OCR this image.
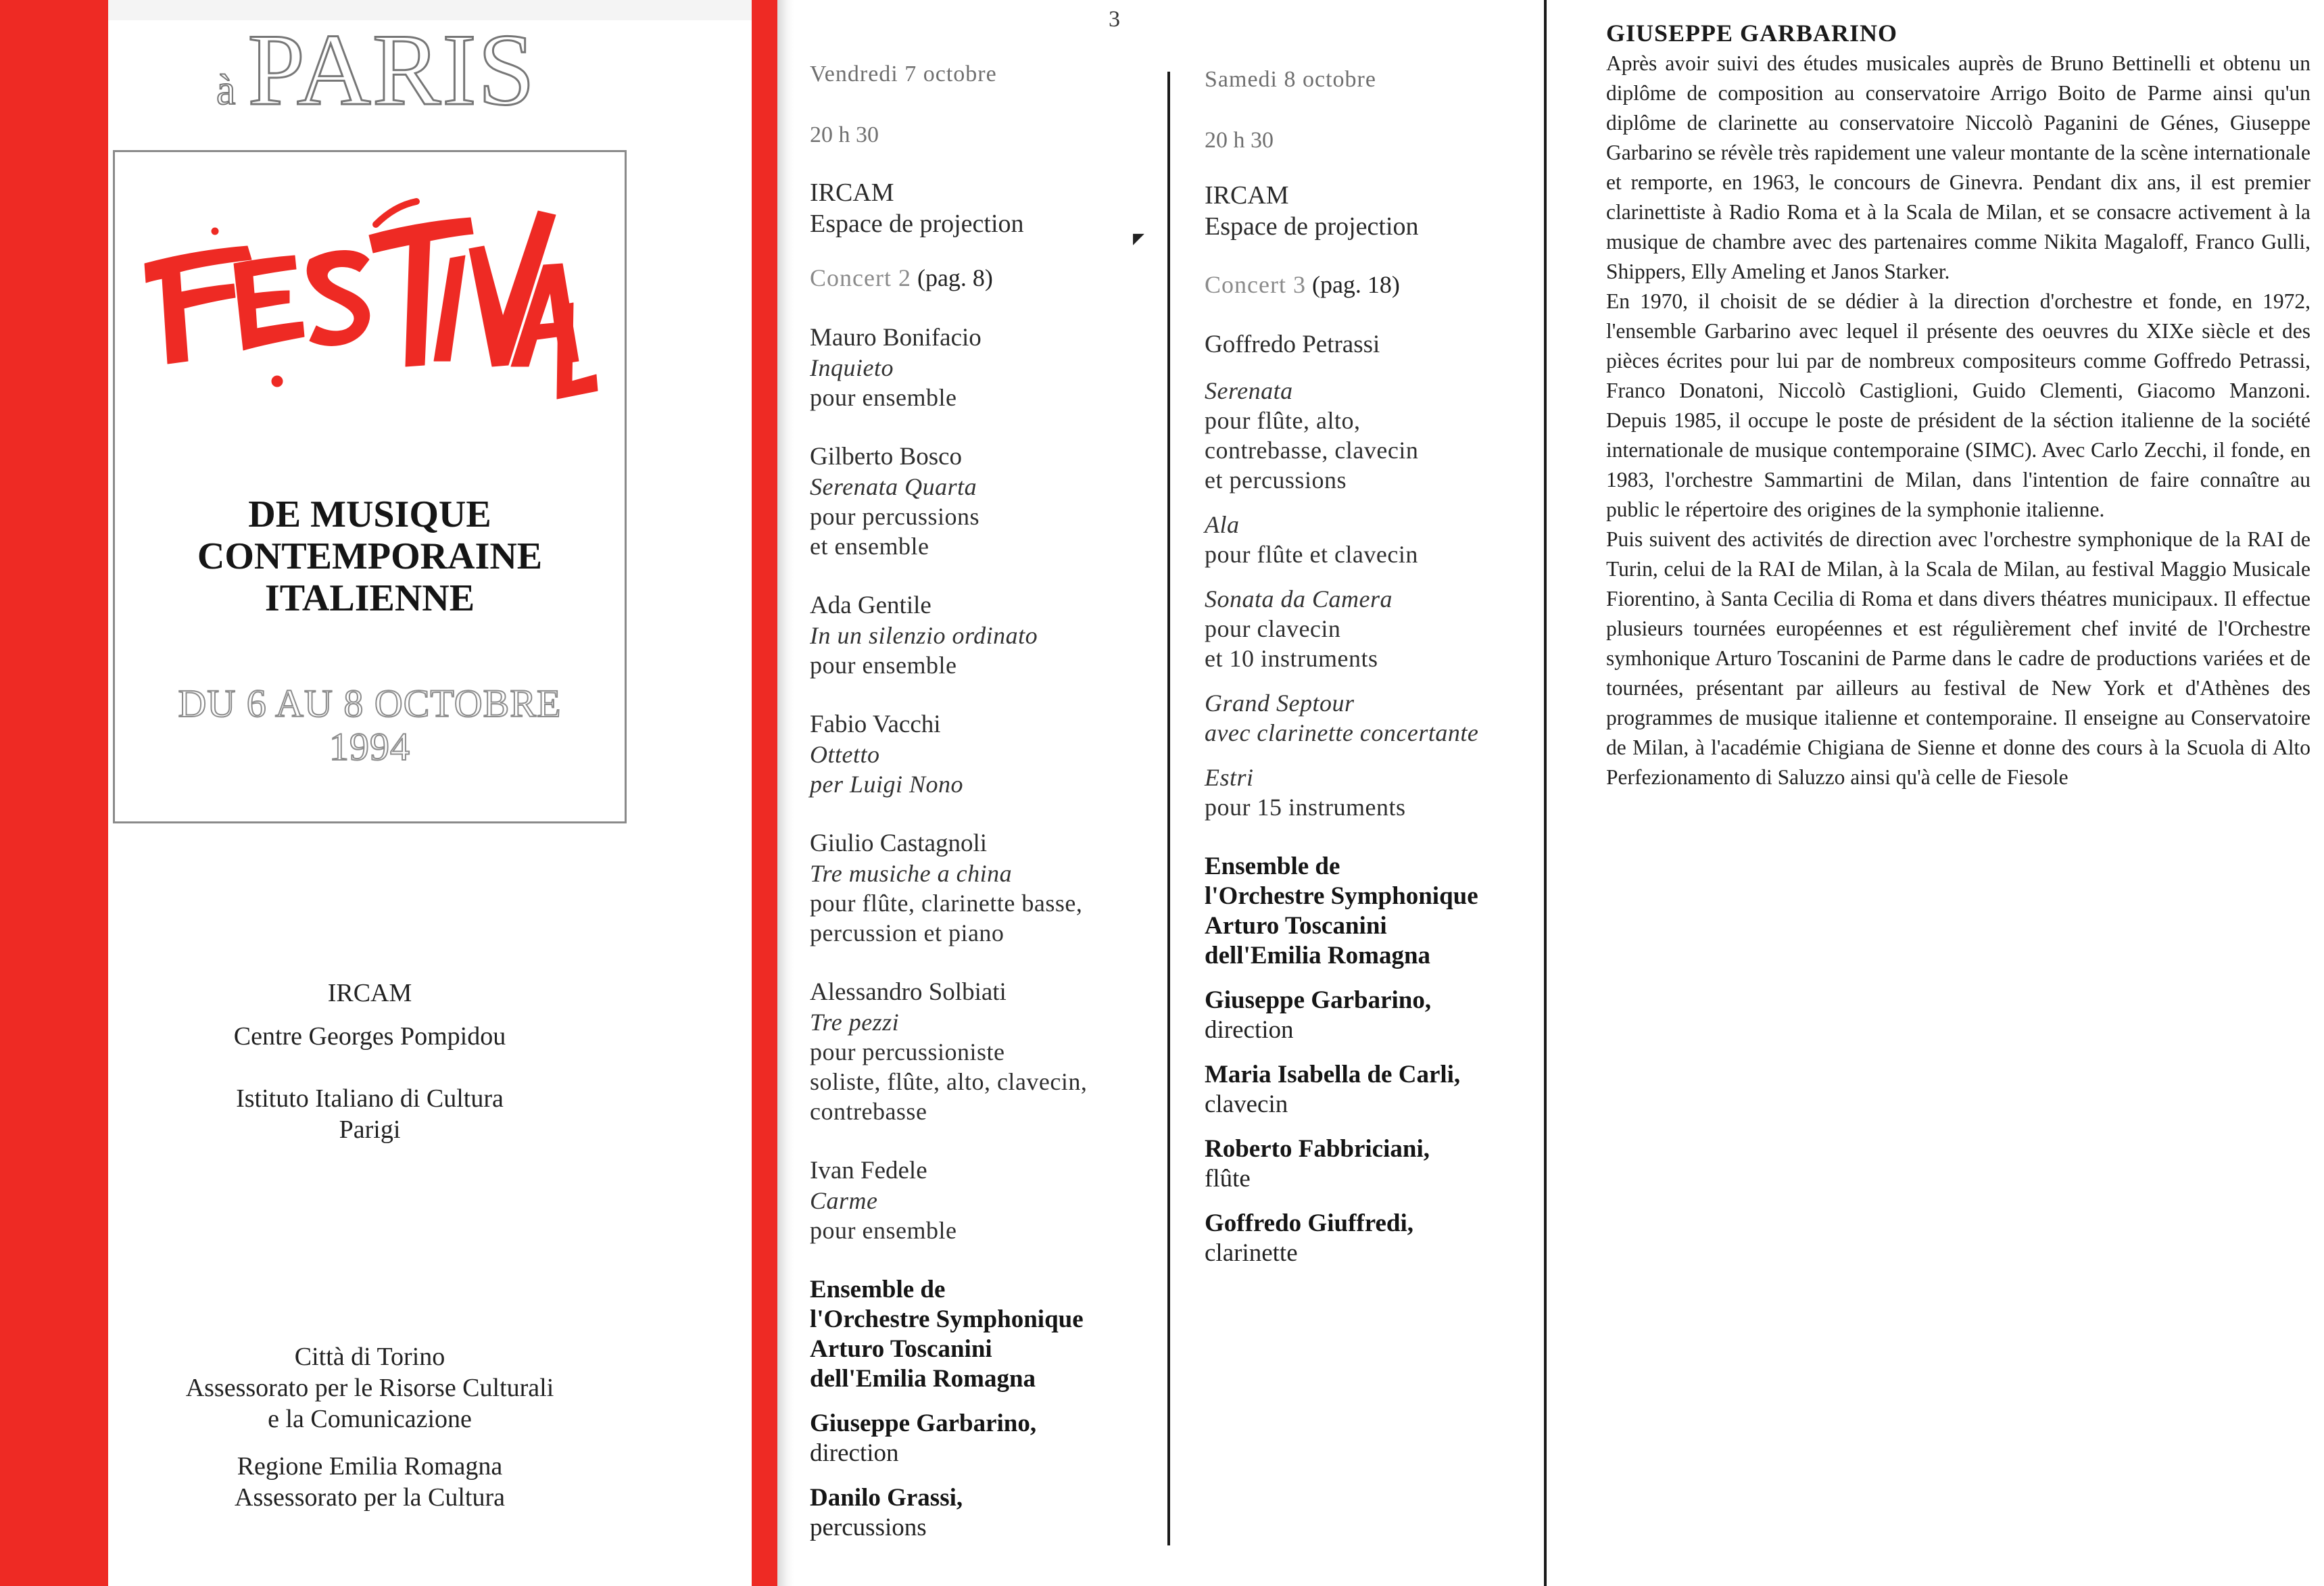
à PARIS
DE MUSIQUE
CONTEMPORAINE
ITALIENNE
DU 6 AU 8 OCTOBRE
1994
IRCAM
Centre Georges Pompidou
Istituto Italiano di Cultura
Parigi
Città di Torino
Assessorato per le Risorse Culturali
e la Comunicazione
Regione Emilia Romagna
Assessorato per la Cultura
3
◤
Vendredi 7 octobre
20 h 30
IRCAM
Espace de projection
Concert 2 (pag. 8)
Mauro Bonifacio
Inquieto
pour ensemble
Gilberto Bosco
Serenata Quarta
pour percussions
et ensemble
Ada Gentile
In un silenzio ordinato
pour ensemble
Fabio Vacchi
Ottetto
per Luigi Nono
Giulio Castagnoli
Tre musiche a china
pour flûte, clarinette basse,
percussion et piano
Alessandro Solbiati
Tre pezzi
pour percussioniste
soliste, flûte, alto, clavecin,
contrebasse
Ivan Fedele
Carme
pour ensemble
Ensemble de
l'Orchestre Symphonique
Arturo Toscanini
dell'Emilia Romagna
Giuseppe Garbarino,
direction
Danilo Grassi,
percussions
Samedi 8 octobre
20 h 30
IRCAM
Espace de projection
Concert 3 (pag. 18)
Goffredo Petrassi
Serenata
pour flûte, alto,
contrebasse, clavecin
et percussions
Ala
pour flûte et clavecin
Sonata da Camera
pour clavecin
et 10 instruments
Grand Septour
avec clarinette concertante
Estri
pour 15 instruments
Ensemble de
l'Orchestre Symphonique
Arturo Toscanini
dell'Emilia Romagna
Giuseppe Garbarino,
direction
Maria Isabella de Carli,
clavecin
Roberto Fabbriciani,
flûte
Goffredo Giuffredi,
clarinette
GIUSEPPE GARBARINO

Après avoir suivi des études musicales auprès de Bruno Bettinelli et obtenu un diplôme de composition au conservatoire Arrigo Boito de Parme ainsi qu'un diplôme de clarinette au conservatoire Niccolò Paganini de Génes, Giuseppe Garbarino se révèle très rapidement une valeur montante de la scène internationale et remporte, en 1963, le concours de Ginevra. Pendant dix ans, il est premier clarinettiste à Radio Roma et à la Scala de Milan, et se consacre activement à la musique de chambre avec des partenaires comme Nikita Magaloff, Franco Gulli, Shippers, Elly Ameling et Janos Starker.

En 1970, il choisit de se dédier à la direction d'orchestre et fonde, en 1972, l'ensemble Garbarino avec lequel il présente des oeuvres du XIXe siècle et des pièces écrites pour lui par de nombreux compositeurs comme Goffredo Petrassi, Franco Donatoni, Niccolò Castiglioni, Guido Clementi, Giacomo Manzoni. Depuis 1985, il occupe le poste de président de la séction italienne de la société internationale de musique contemporaine (SIMC). Avec Carlo Zecchi, il fonde, en 1983, l'orchestre Sammartini de Milan, dans l'intention de faire connaître au public le répertoire des origines de la symphonie italienne.

Puis suivent des activités de direction avec l'orchestre symphonique de la RAI de Turin, celui de la RAI de Milan, à la Scala de Milan, au festival Maggio Musicale Fiorentino, à Santa Cecilia di Roma et dans divers théatres municipaux. Il effectue plusieurs tournées européennes et est régulièrement chef invité de l'Orchestre symhonique Arturo Toscanini de Parme dans le cadre de productions variées et de tournées, présentant par ailleurs au festival de New York et d'Athènes des programmes de musique italienne et contemporaine. Il enseigne au Conservatoire de Milan, à l'académie Chigiana de Sienne et donne des cours à la Scuola di Alto Perfezionamento di Saluzzo ainsi qu'à celle de Fiesole
